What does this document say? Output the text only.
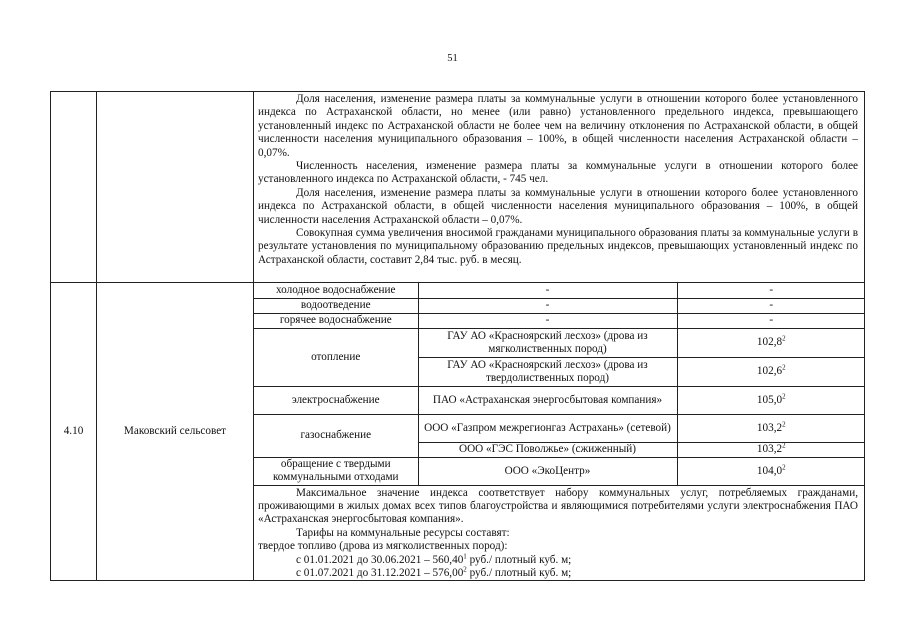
51

Доля населения, изменение размера платы за коммунальные услуги в отношении которого более установленного индекса по Астраханской области, но менее (или равно) установленного предельного индекса, превышающего установленный индекс по Астраханской области не более чем на величину отклонения по Астраханской области, в общей численности населения муниципального образования – 100%, в общей численности населения Астраханской области – 0,07%.

Численность населения, изменение размера платы за коммунальные услуги в отношении которого более установленного индекса по Астраханской области, - 745 чел.

Доля населения, изменение размера платы за коммунальные услуги в отношении которого более установленного индекса по Астраханской области, в общей численности населения муниципального образования – 100%, в общей численности населения Астраханской области – 0,07%.

Совокупная сумма увеличения вносимой гражданами муниципального образования платы за коммунальные услуги в результате установления по муниципальному образованию предельных индексов, превышающих установленный индекс по Астраханской области, составит 2,84 тыс. руб. в месяц.

4.10	Маковский сельсовет	
холодное водоснабжение	-	-
водоотведение	-	-
горячее водоснабжение	-	-
отопление	ГАУ АО «Красноярский лесхоз» (дрова из мягколиственных пород)	102,8$^2$
ГАУ АО «Красноярский лесхоз» (дрова из твердолиственных пород)	102,6$^2$
электроснабжение	ПАО «Астраханская энергосбытовая компания»	105,0$^2$
газоснабжение	ООО «Газпром межрегионгаз Астрахань» (сетевой)	103,2$^2$
ООО «ГЭС Поволжье» (сжиженный)	103,2$^2$
обращение с твердыми коммунальными отходами	ООО «ЭкоЦентр»	104,0$^2$

Максимальное значение индекса соответствует набору коммунальных услуг, потребляемых гражданами, проживающими в жилых домах всех типов благоустройства и являющимися потребителями услуги электроснабжения ПАО «Астраханская энергосбытовая компания».

Тарифы на коммунальные ресурсы составят:

твердое топливо (дрова из мягколиственных пород):

с 01.01.2021 до 30.06.2021 – 560,40$^1$ руб./ плотный куб. м;

с 01.07.2021 до 31.12.2021 – 576,00$^2$ руб./ плотный куб. м;
